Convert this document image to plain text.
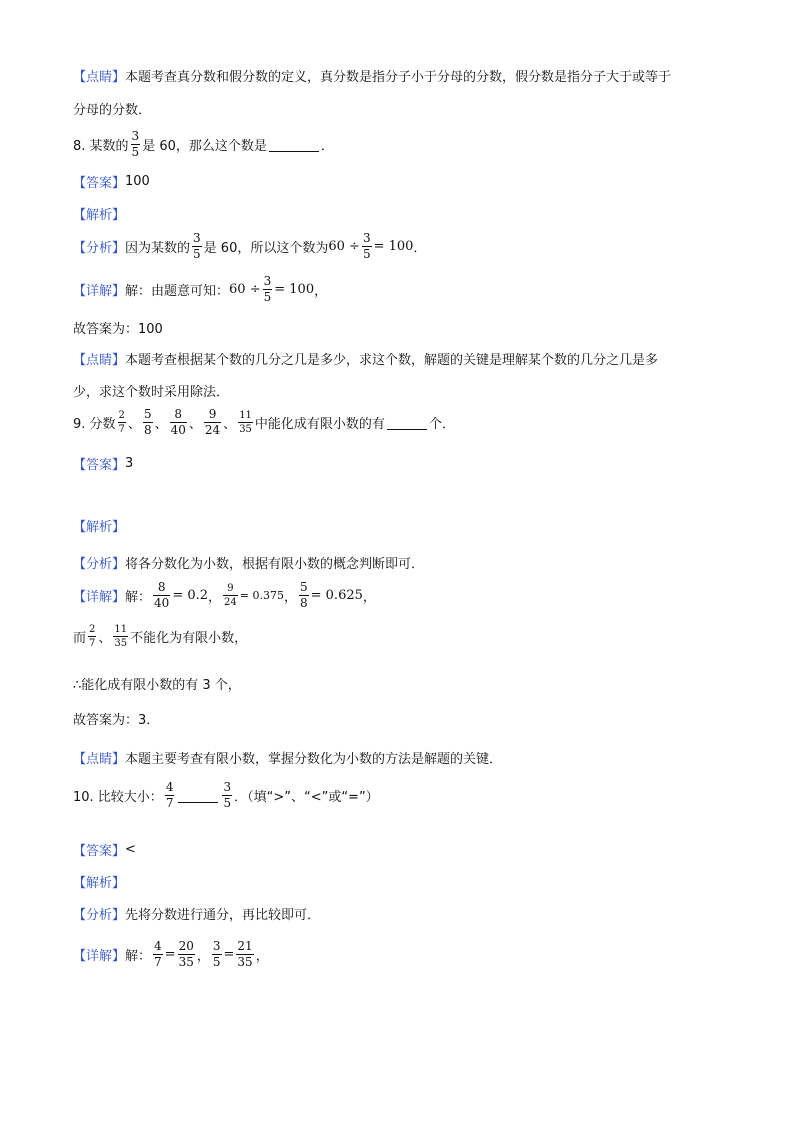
【点睛】 本题考查真分数和假分数的定义，真分数是指分子小于分母的分数，假分数是指分子大于或等于
分母的分数．
8. 某数的 $\frac{3}{5}$ 是 60，那么这个数是	．
【答案】 100
【解析】
【分析】 因为某数的 $\frac{3}{5}$ 是 60，所以这个数为 $60 \div \frac{3}{5} = 100$ ．
【详解】 解：由题意可知： $60 \div \frac{3}{5} = 100$ ，
故答案为：100
【点睛】 本题考查根据某个数的几分之几是多少，求这个数，解题的关键是理解某个数的几分之几是多
少，求这个数时采用除法．
9. 分数 $\frac{2}{7}$ 、 $\frac{5}{8}$ 、 $\frac{8}{40}$ 、 $\frac{9}{24}$ 、 $\frac{11}{35}$ 中能化成有限小数的有	个．
【答案】 3
【解析】
【分析】 将各分数化为小数，根据有限小数的概念判断即可．
【详解】 解： $\frac{8}{40} = 0.2$ ， $\frac{9}{24} = 0.375$ ， $\frac{5}{8} = 0.625$ ，
而 $\frac{2}{7}$ 、 $\frac{11}{35}$ 不能化为有限小数，
∴能化成有限小数的有 3 个，
故答案为：3．
【点睛】 本题主要考查有限小数，掌握分数化为小数的方法是解题的关键．
10. 比较大小： $\frac{4}{7}$	$\frac{3}{5}$ ．（填“>”、“<”或“=”）
【答案】 <
【解析】
【分析】 先将分数进行通分，再比较即可．
【详解】 解： $\frac{4}{7} = \frac{20}{35}$ ， $\frac{3}{5} = \frac{21}{35}$ ，
